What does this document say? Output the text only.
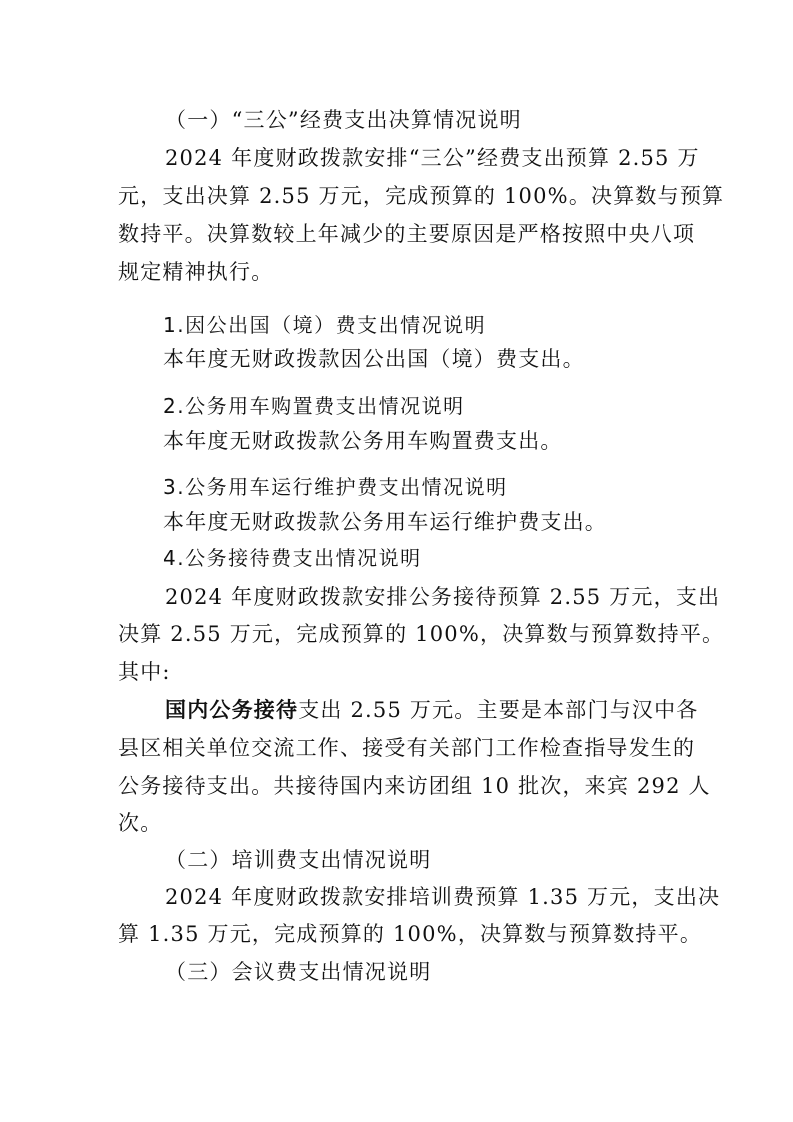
（一）“三公”经费支出决算情况说明
2024 年度财政拨款安排“三公”经费支出预算 2.55 万
元，支出决算 2.55 万元，完成预算的 100%。决算数与预算
数持平。决算数较上年减少的主要原因是严格按照中央八项
规定精神执行。
1.因公出国（境）费支出情况说明
本年度无财政拨款因公出国（境）费支出。
2.公务用车购置费支出情况说明
本年度无财政拨款公务用车购置费支出。
3.公务用车运行维护费支出情况说明
本年度无财政拨款公务用车运行维护费支出。
4.公务接待费支出情况说明
2024 年度财政拨款安排公务接待预算 2.55 万元，支出
决算 2.55 万元，完成预算的 100%，决算数与预算数持平。
其中:
国内公务接待支出 2.55 万元。主要是本部门与汉中各
县区相关单位交流工作、接受有关部门工作检查指导发生的
公务接待支出。共接待国内来访团组 10 批次，来宾 292 人
次。
（二）培训费支出情况说明
2024 年度财政拨款安排培训费预算 1.35 万元，支出决
算 1.35 万元，完成预算的 100%，决算数与预算数持平。
（三）会议费支出情况说明
